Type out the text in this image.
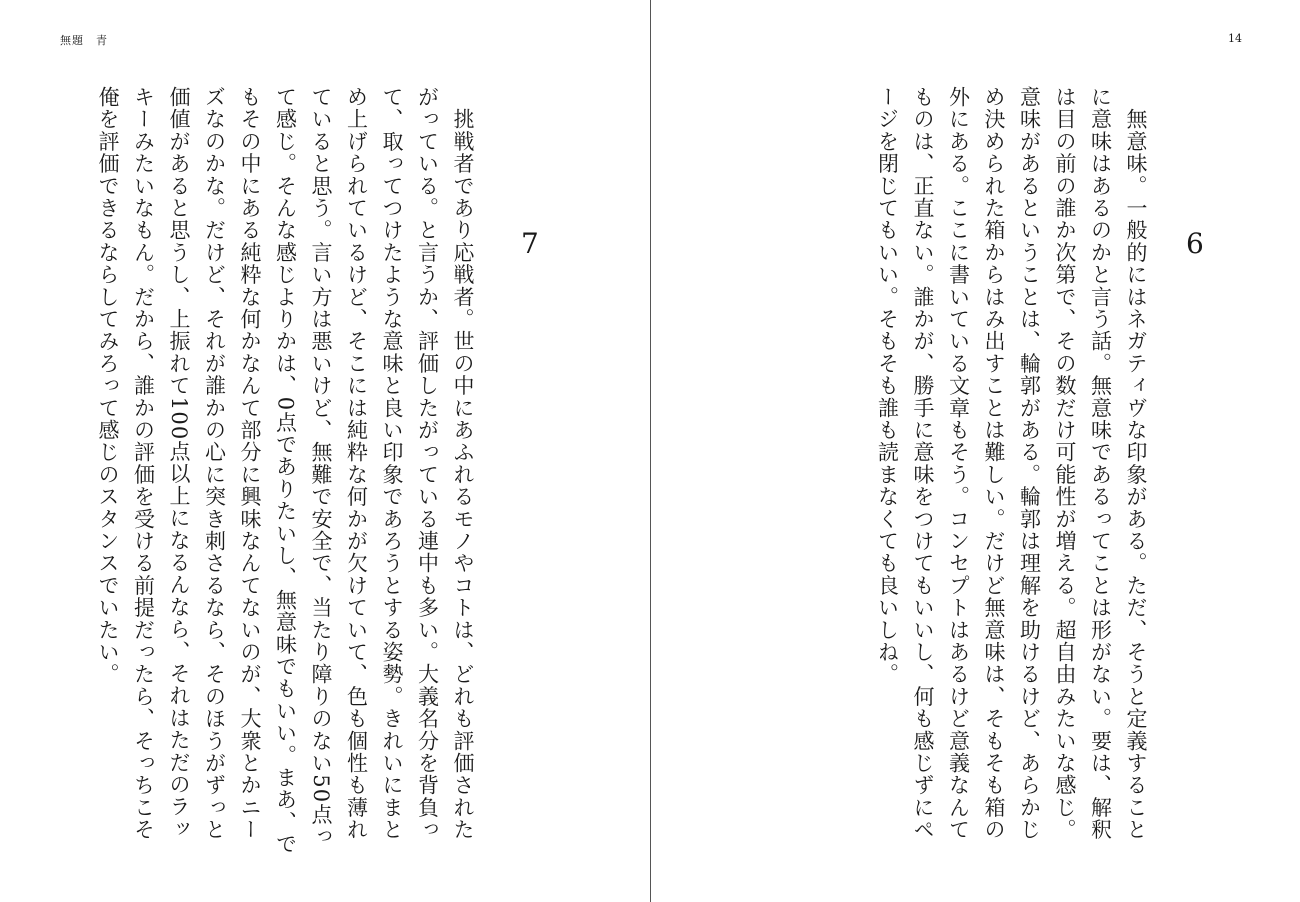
無題　青
7
　挑戦者であり応戦者。世の中にあふれるモノやコトは、どれも評価されたがっている。と言うか、評価したがっている連中も多い。大義名分を背負って、取ってつけたような意味と良い印象であろうとする姿勢。きれいにまとめ上げられているけど、そこには純粋な何かが欠けていて、色も個性も薄れていると思う。言い方は悪いけど、無難で安全で、当たり障りのない50点って感じ。そんな感じよりかは、0点でありたいし、無意味でもいい。まあ、でもその中にある純粋な何かなんて部分に興味なんてないのが、大衆とかニーズなのかな。だけど、それが誰かの心に突き刺さるなら、そのほうがずっと価値があると思うし、上振れて100点以上になるんなら、それはただのラッキーみたいなもん。だから、誰かの評価を受ける前提だったら、そっちこそ俺を評価できるならしてみろって感じのスタンスでいたい。
14
6
　無意味。一般的にはネガティヴな印象がある。ただ、そうと定義することに意味はあるのかと言う話。無意味であるってことは形がない。要は、解釈は目の前の誰か次第で、その数だけ可能性が増える。超自由みたいな感じ。意味があるということは、輪郭がある。輪郭は理解を助けるけど、あらかじめ決められた箱からはみ出すことは難しい。だけど無意味は、そもそも箱の外にある。ここに書いている文章もそう。コンセプトはあるけど意義なんてものは、正直ない。誰かが、勝手に意味をつけてもいいし、何も感じずにページを閉じてもいい。そもそも誰も読まなくても良いしね。
